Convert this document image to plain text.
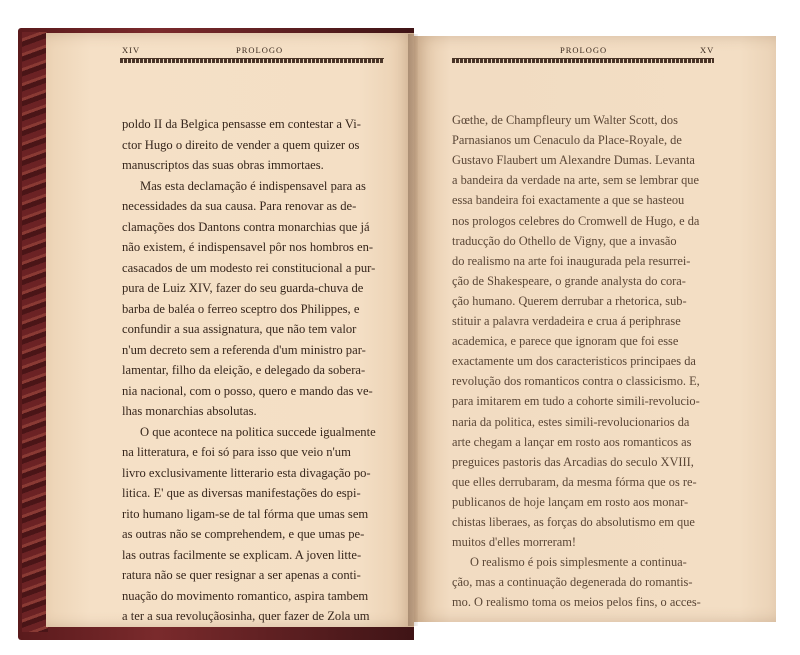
XIV	PROLOGO	PROLOGO	XV
poldo II da Belgica pensasse em contestar a Vi-
ctor Hugo o direito de vender a quem quizer os
manuscriptos das suas obras immortaes.
Mas esta declamação é indispensavel para as
necessidades da sua causa. Para renovar as de-
clamações dos Dantons contra monarchias que já
não existem, é indispensavel pôr nos hombros en-
casacados de um modesto rei constitucional a pur-
pura de Luiz XIV, fazer do seu guarda-chuva de
barba de baléa o ferreo sceptro dos Philippes, e
confundir a sua assignatura, que não tem valor
n'um decreto sem a referenda d'um ministro par-
lamentar, filho da eleição, e delegado da sobera-
nia nacional, com o posso, quero e mando das ve-
lhas monarchias absolutas.
O que acontece na politica succede igualmente
na litteratura, e foi só para isso que veio n'um
livro exclusivamente litterario esta divagação po-
litica. E' que as diversas manifestações do espi-
rito humano ligam-se de tal fórma que umas sem
as outras não se comprehendem, e que umas pe-
las outras facilmente se explicam. A joven litte-
ratura não se quer resignar a ser apenas a conti-
nuação do movimento romantico, aspira tambem
a ter a sua revoluçãosinha, quer fazer de Zola um
Gœthe, de Champfleury um Walter Scott, dos
Parnasianos um Cenaculo da Place-Royale, de
Gustavo Flaubert um Alexandre Dumas. Levanta
a bandeira da verdade na arte, sem se lembrar que
essa bandeira foi exactamente a que se hasteou
nos prologos celebres do Cromwell de Hugo, e da
traducção do Othello de Vigny, que a invasão
do realismo na arte foi inaugurada pela resurrei-
ção de Shakespeare, o grande analysta do cora-
ção humano. Querem derrubar a rhetorica, sub-
stituir a palavra verdadeira e crua á periphrase
academica, e parece que ignoram que foi esse
exactamente um dos caracteristicos principaes da
revolução dos romanticos contra o classicismo. E,
para imitarem em tudo a cohorte simili-revolucio-
naria da politica, estes simili-revolucionarios da
arte chegam a lançar em rosto aos romanticos as
preguices pastoris das Arcadias do seculo XVIII,
que elles derrubaram, da mesma fórma que os re-
publicanos de hoje lançam em rosto aos monar-
chistas liberaes, as forças do absolutismo em que
muitos d'elles morreram!
O realismo é pois simplesmente a continua-
ção, mas a continuação degenerada do romantis-
mo. O realismo toma os meios pelos fins, o acces-
